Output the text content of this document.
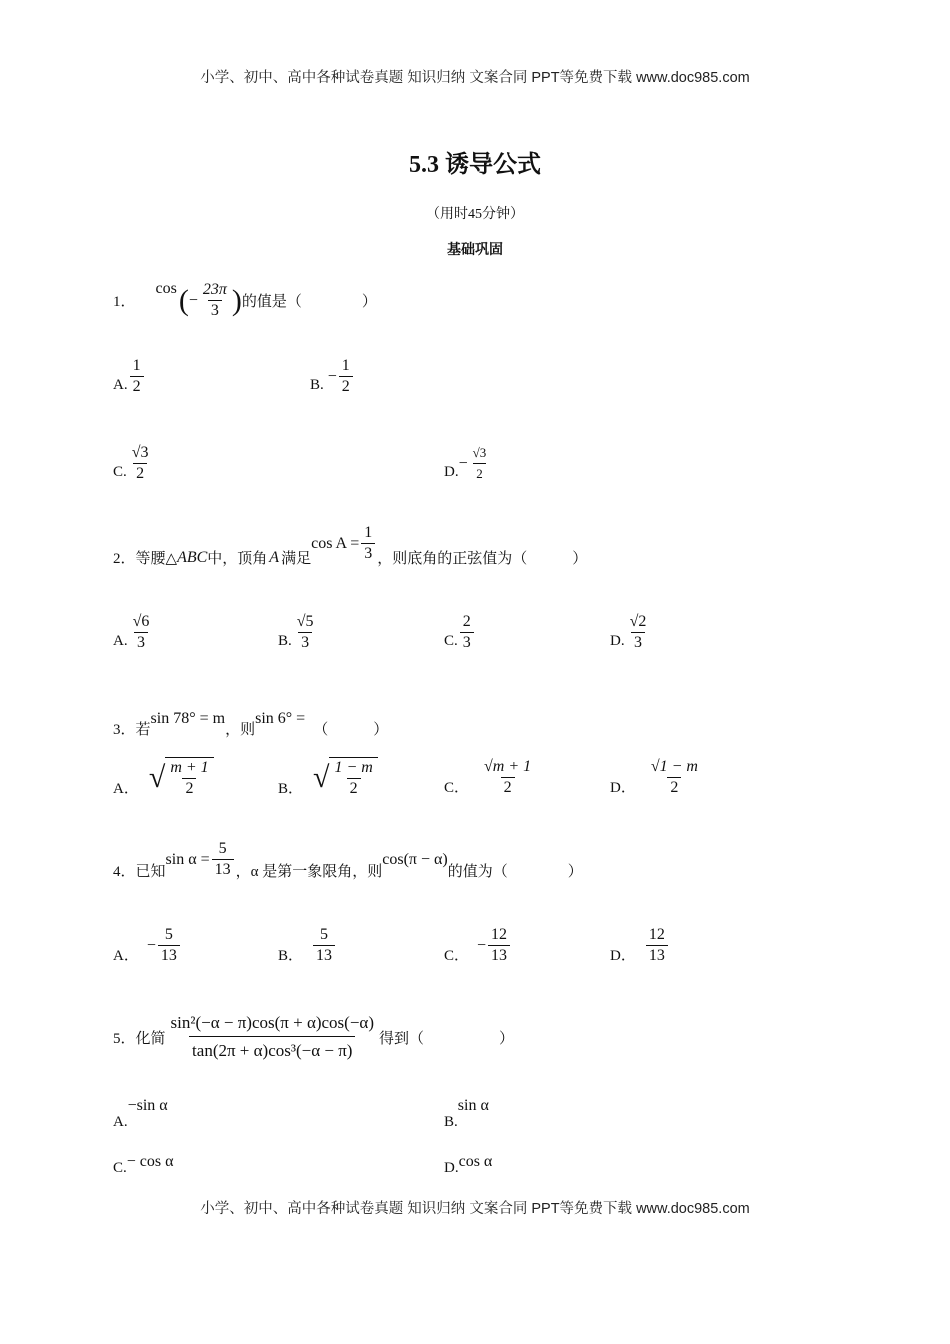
小学、初中、高中各种试卷真题 知识归纳 文案合同 PPT等免费下载 www.doc985.com
5.3 诱导公式
（用时45分钟）
基础巩固
1．
cos ( − $\frac{23\pi}{3}$ ) 的值是（　　　　）
A. $\frac{1}{2}$	B.
− $\frac{1}{2}$
C. $\frac{√3}{2}$	D.
− $\frac{√3}{2}$
2． 等腰△ ABC 中，顶角 A 满足
$\cos A = \frac{1}{3}$ ，则底角的正弦值为（　　　）
A. $\frac{√6}{3}$	B. $\frac{√5}{3}$	C. $\frac{2}{3}$	D. $\frac{√2}{3}$
3． 若
sin 78° = m
，则
sin 6° =
（　　　）
A． √ $\frac{m + 1}{2}$	B． √ $\frac{1 - m}{2}$	C． $\frac{√m + 1}{2}$	D． $\frac{√1 - m}{2}$
4． 已知
$\sin \alpha = \frac{5}{13}$ ，α 是第一象限角，则
cos(π − α)
的值为（　　　　）
A．
− $\frac{5}{13}$	B． $\frac{5}{13}$	C．
− $\frac{12}{13}$	D． $\frac{12}{13}$
5． 化简 $\frac{\text{sin²(−α − π)cos(π + α)cos(−α)}}{\text{tan(2π + α)cos³(−α − π)}}$ 得到（　　　　　）
A.
−sin α
B.
sin α
C. − cos α	D. cos α
小学、初中、高中各种试卷真题 知识归纳 文案合同 PPT等免费下载 www.doc985.com
